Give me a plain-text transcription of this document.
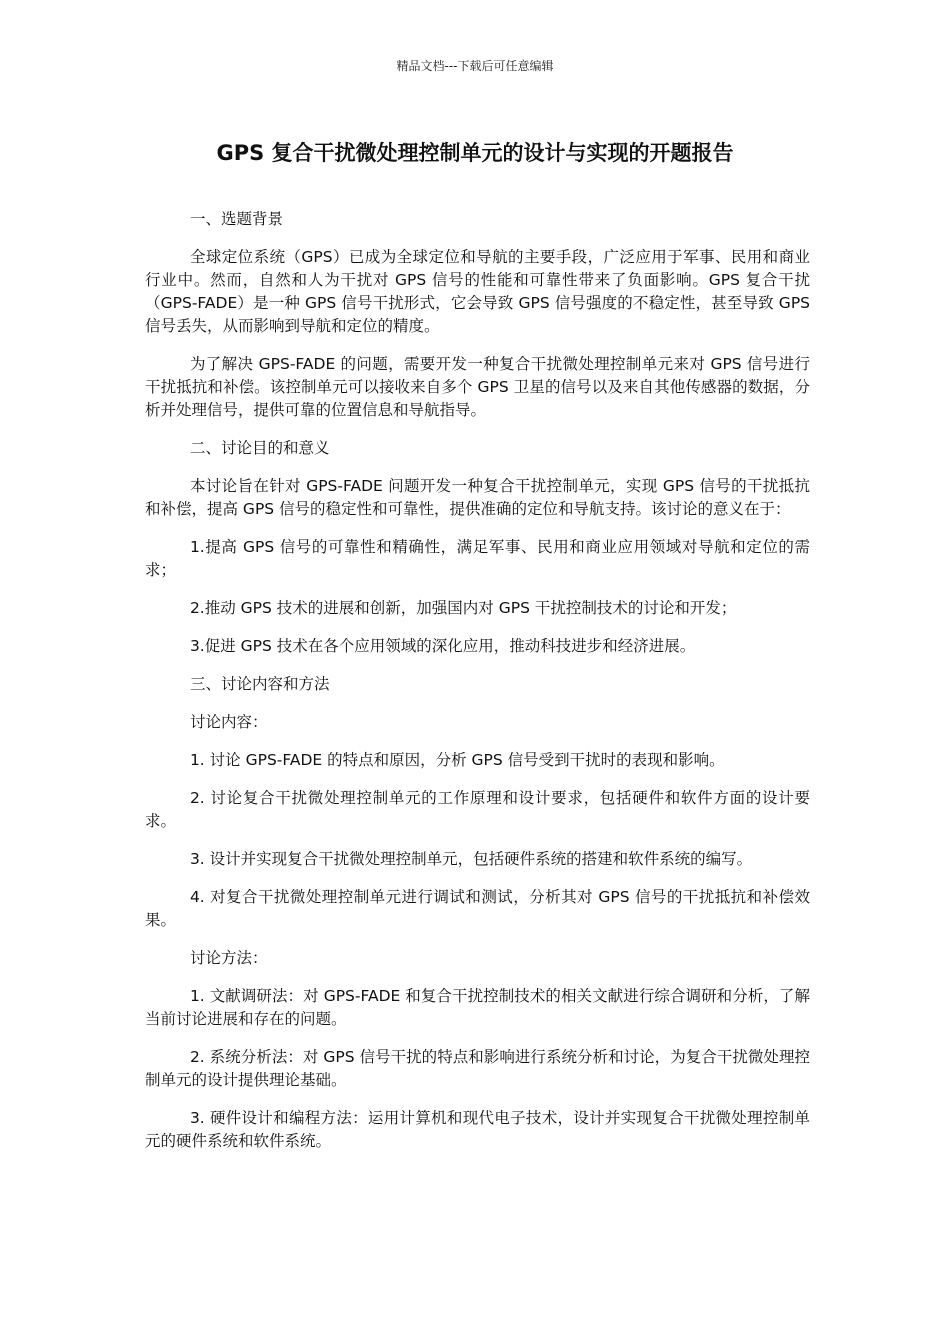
精品文档---下载后可任意编辑
GPS 复合干扰微处理控制单元的设计与实现的开题报告

一、选题背景

全球定位系统（GPS）已成为全球定位和导航的主要手段，广泛应用于军事、民用和商业行业中。然而，自然和人为干扰对 GPS 信号的性能和可靠性带来了负面影响。GPS 复合干扰（GPS-FADE）是一种 GPS 信号干扰形式，它会导致 GPS 信号强度的不稳定性，甚至导致 GPS 信号丢失，从而影响到导航和定位的精度。

为了解决 GPS-FADE 的问题，需要开发一种复合干扰微处理控制单元来对 GPS 信号进行干扰抵抗和补偿。该控制单元可以接收来自多个 GPS 卫星的信号以及来自其他传感器的数据，分析并处理信号，提供可靠的位置信息和导航指导。

二、讨论目的和意义

本讨论旨在针对 GPS-FADE 问题开发一种复合干扰控制单元，实现 GPS 信号的干扰抵抗和补偿，提高 GPS 信号的稳定性和可靠性，提供准确的定位和导航支持。该讨论的意义在于：

1.提高 GPS 信号的可靠性和精确性，满足军事、民用和商业应用领域对导航和定位的需求；

2.推动 GPS 技术的进展和创新，加强国内对 GPS 干扰控制技术的讨论和开发；

3.促进 GPS 技术在各个应用领域的深化应用，推动科技进步和经济进展。

三、讨论内容和方法

讨论内容：

1. 讨论 GPS-FADE 的特点和原因，分析 GPS 信号受到干扰时的表现和影响。

2. 讨论复合干扰微处理控制单元的工作原理和设计要求，包括硬件和软件方面的设计要求。

3. 设计并实现复合干扰微处理控制单元，包括硬件系统的搭建和软件系统的编写。

4. 对复合干扰微处理控制单元进行调试和测试，分析其对 GPS 信号的干扰抵抗和补偿效果。

讨论方法：

1. 文献调研法：对 GPS-FADE 和复合干扰控制技术的相关文献进行综合调研和分析，了解当前讨论进展和存在的问题。

2. 系统分析法：对 GPS 信号干扰的特点和影响进行系统分析和讨论，为复合干扰微处理控制单元的设计提供理论基础。

3. 硬件设计和编程方法：运用计算机和现代电子技术，设计并实现复合干扰微处理控制单元的硬件系统和软件系统。
